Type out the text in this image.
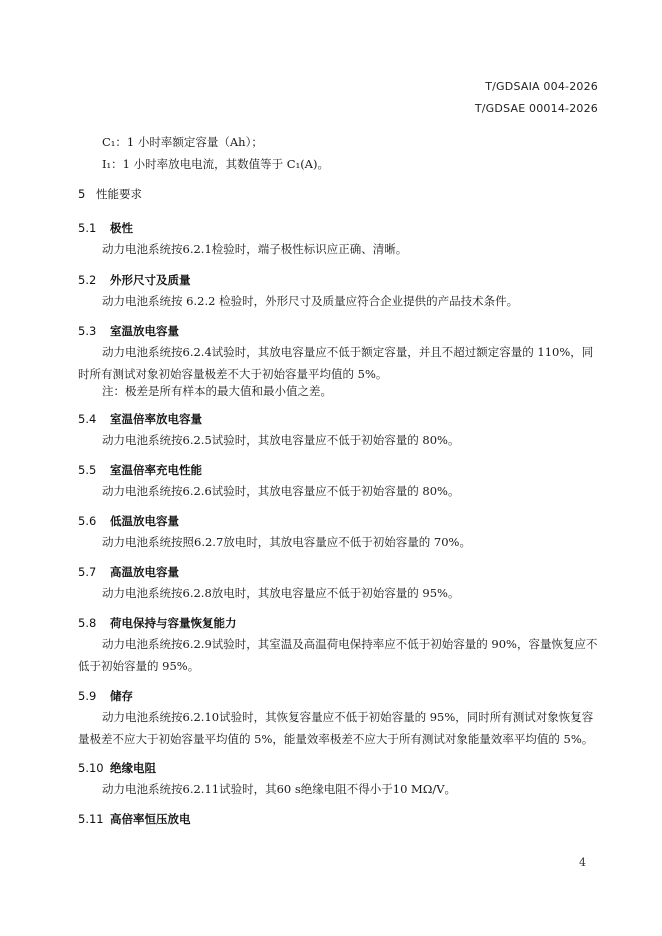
T/GDSAIA 004-2026
T/GDSAE 00014-2026
C₁：1 小时率额定容量（Ah）；
I₁：1 小时率放电电流，其数值等于 C₁(A)。
5 性能要求
5.1 极性
动力电池系统按6.2.1检验时，端子极性标识应正确、清晰。
5.2 外形尺寸及质量
动力电池系统按 6.2.2 检验时，外形尺寸及质量应符合企业提供的产品技术条件。
5.3 室温放电容量
动力电池系统按6.2.4试验时，其放电容量应不低于额定容量，并且不超过额定容量的 110%，同时所有测试对象初始容量极差不大于初始容量平均值的 5%。
注：极差是所有样本的最大值和最小值之差。
5.4 室温倍率放电容量
动力电池系统按6.2.5试验时，其放电容量应不低于初始容量的 80%。
5.5 室温倍率充电性能
动力电池系统按6.2.6试验时，其放电容量应不低于初始容量的 80%。
5.6 低温放电容量
动力电池系统按照6.2.7放电时，其放电容量应不低于初始容量的 70%。
5.7 高温放电容量
动力电池系统按6.2.8放电时，其放电容量应不低于初始容量的 95%。
5.8 荷电保持与容量恢复能力
动力电池系统按6.2.9试验时，其室温及高温荷电保持率应不低于初始容量的 90%，容量恢复应不低于初始容量的 95%。
5.9 储存
动力电池系统按6.2.10试验时，其恢复容量应不低于初始容量的 95%，同时所有测试对象恢复容量极差不应大于初始容量平均值的 5%，能量效率极差不应大于所有测试对象能量效率平均值的 5%。
5.10 绝缘电阻
动力电池系统按6.2.11试验时，其60 s绝缘电阻不得小于10 MΩ/V。
5.11 高倍率恒压放电
4
